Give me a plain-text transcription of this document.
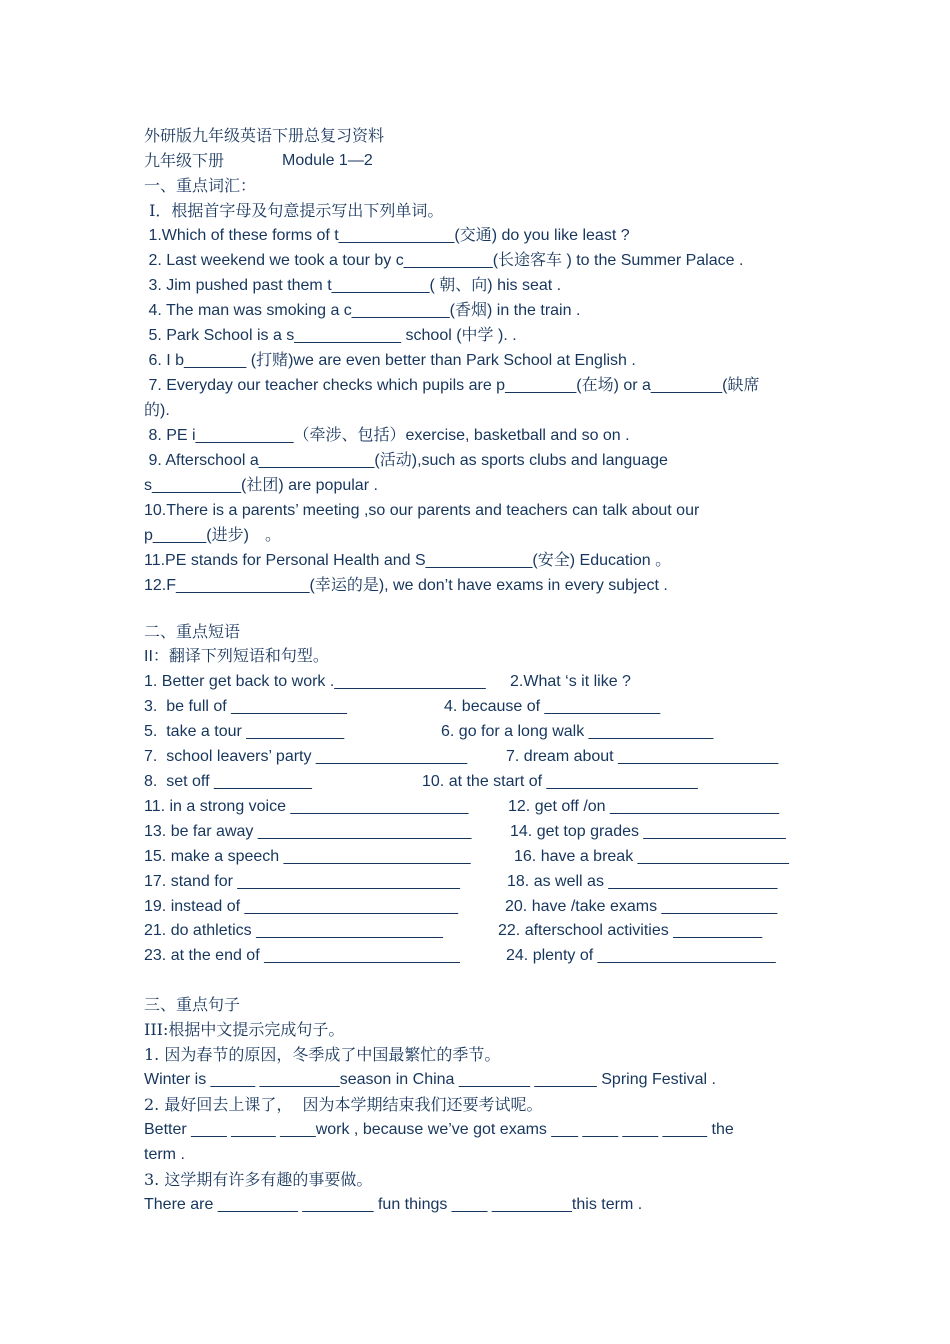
外研版九年级英语下册总复习资料
九年级下册	Module 1—2
一、重点词汇：
I．根据首字母及句意提示写出下列单词。
1.Which of these forms of t_____________(交通) do you like least ?
2. Last weekend we took a tour by c__________(长途客车 ) to the Summer Palace .
3. Jim pushed past them t___________( 朝、向) his seat .
4. The man was smoking a c___________(香烟) in the train .
5. Park School is a s____________ school (中学 ). .
6. I b_______ (打赌)we are even better than Park School at English .
7. Everyday our teacher checks which pupils are p________(在场) or a________(缺席
的).
8. PE i___________（牵涉、包括）exercise, basketball and so on .
9. Afterschool a_____________(活动),such as sports clubs and language
s__________(社团) are popular .
10.There is a parents’ meeting ,so our parents and teachers can talk about our
p______(进步)　。
11.PE stands for Personal Health and S____________(安全) Education 。
12.F_______________(幸运的是), we don’t have exams in every subject .
二、重点短语
II：翻译下列短语和句型。
1. Better get back to work ._________________ 2.What ‘s it like ?
3.  be full of _____________	4. because of _____________
5.  take a tour ___________	6. go for a long walk ______________
7.  school leavers’ party _________________ 7. dream about __________________
8.  set off ___________	10. at the start of _________________
11. in a strong voice ____________________ 12. get off /on ___________________
13. be far away ________________________ 14. get top grades ________________
15. make a speech _____________________	16. have a break _________________
17. stand for _________________________	18. as well as ___________________
19. instead of ________________________	20. have /take exams _____________
21. do athletics _____________________	22. afterschool activities __________
23. at the end of ______________________	24. plenty of ____________________
三、重点句子
III:根据中文提示完成句子。
1. 因为春节的原因，冬季成了中国最繁忙的季节。
Winter is _____ _________season in China ________ _______ Spring Festival .
2. 最好回去上课了，  因为本学期结束我们还要考试呢。
Better ____ _____ ____work , because we’ve got exams ___ ____ ____ _____ the
term .
3. 这学期有许多有趣的事要做。
There are _________ ________ fun things ____ _________this term .
